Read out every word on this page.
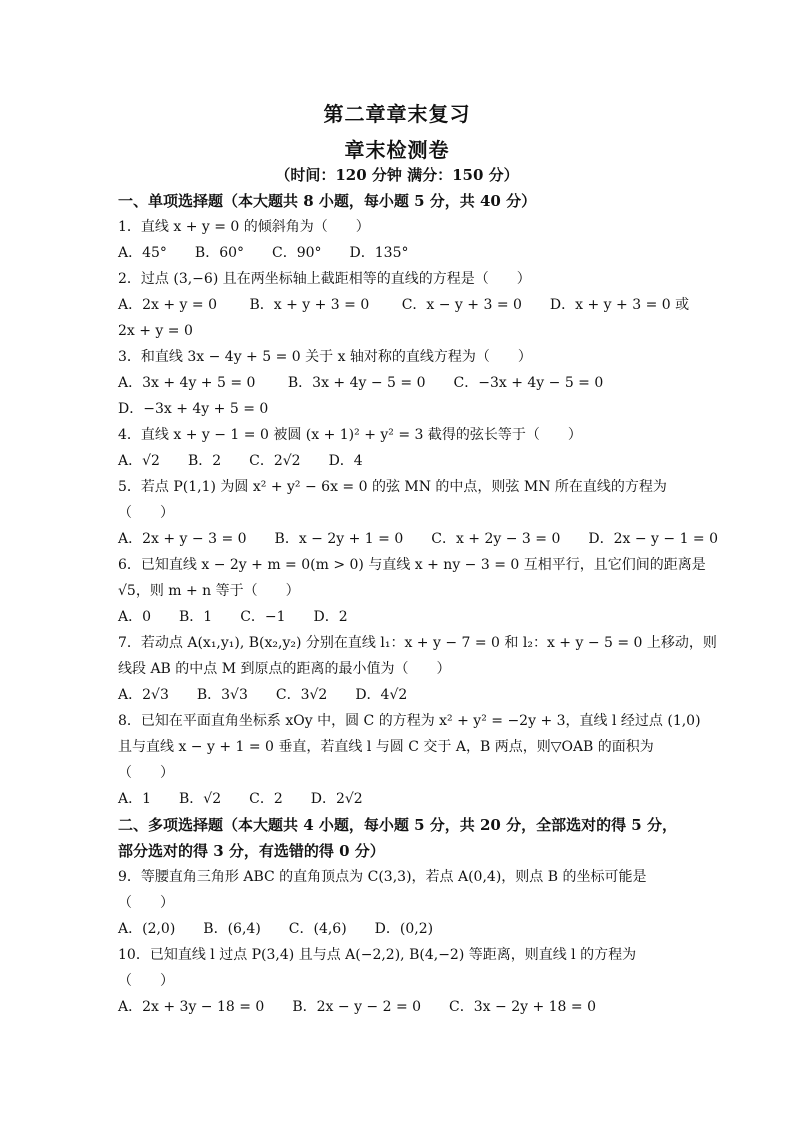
第二章章末复习
章末检测卷
（时间：120 分钟 满分：150 分）
一、单项选择题（本大题共 8 小题，每小题 5 分，共 40 分）
1．直线 x + y = 0 的倾斜角为（　　）
A．45°　　B．60°　　C．90°　　D．135°
2．过点 (3,−6) 且在两坐标轴上截距相等的直线的方程是（　　）
A．2x + y = 0　　 B．x + y + 3 = 0　　 C．x − y + 3 = 0　　D．x + y + 3 = 0 或
2x + y = 0
3．和直线 3x − 4y + 5 = 0 关于 x 轴对称的直线方程为（　　）
A．3x + 4y + 5 = 0　　 B．3x + 4y − 5 = 0　　C．−3x + 4y − 5 = 0
D．−3x + 4y + 5 = 0
4．直线 x + y − 1 = 0 被圆 (x + 1)² + y² = 3 截得的弦长等于（　　）
A．√2　　B．2　　C．2√2　　D．4
5．若点 P(1,1) 为圆 x² + y² − 6x = 0 的弦 MN 的中点，则弦 MN 所在直线的方程为
（　　）
A．2x + y − 3 = 0　　B．x − 2y + 1 = 0　　C．x + 2y − 3 = 0　　D．2x − y − 1 = 0
6．已知直线 x − 2y + m = 0(m > 0) 与直线 x + ny − 3 = 0 互相平行，且它们间的距离是
√5，则 m + n 等于（　　）
A．0　　B．1　　C．−1　　D．2
7．若动点 A(x₁,y₁), B(x₂,y₂) 分别在直线 l₁：x + y − 7 = 0 和 l₂：x + y − 5 = 0 上移动，则
线段 AB 的中点 M 到原点的距离的最小值为（　　）
A．2√3　　B．3√3　　C．3√2　　D．4√2
8．已知在平面直角坐标系 xOy 中，圆 C 的方程为 x² + y² = −2y + 3，直线 l 经过点 (1,0)
且与直线 x − y + 1 = 0 垂直，若直线 l 与圆 C 交于 A，B 两点，则▽OAB 的面积为
（　　）
A．1　　B．√2　　C．2　　D．2√2
二、多项选择题（本大题共 4 小题，每小题 5 分，共 20 分，全部选对的得 5 分，
部分选对的得 3 分，有选错的得 0 分）
9．等腰直角三角形 ABC 的直角顶点为 C(3,3)，若点 A(0,4)，则点 B 的坐标可能是
（　　）
A．(2,0)　　B．(6,4)　　C．(4,6)　　D．(0,2)
10．已知直线 l 过点 P(3,4) 且与点 A(−2,2), B(4,−2) 等距离，则直线 l 的方程为
（　　）
A．2x + 3y − 18 = 0　　B．2x − y − 2 = 0　　C．3x − 2y + 18 = 0
